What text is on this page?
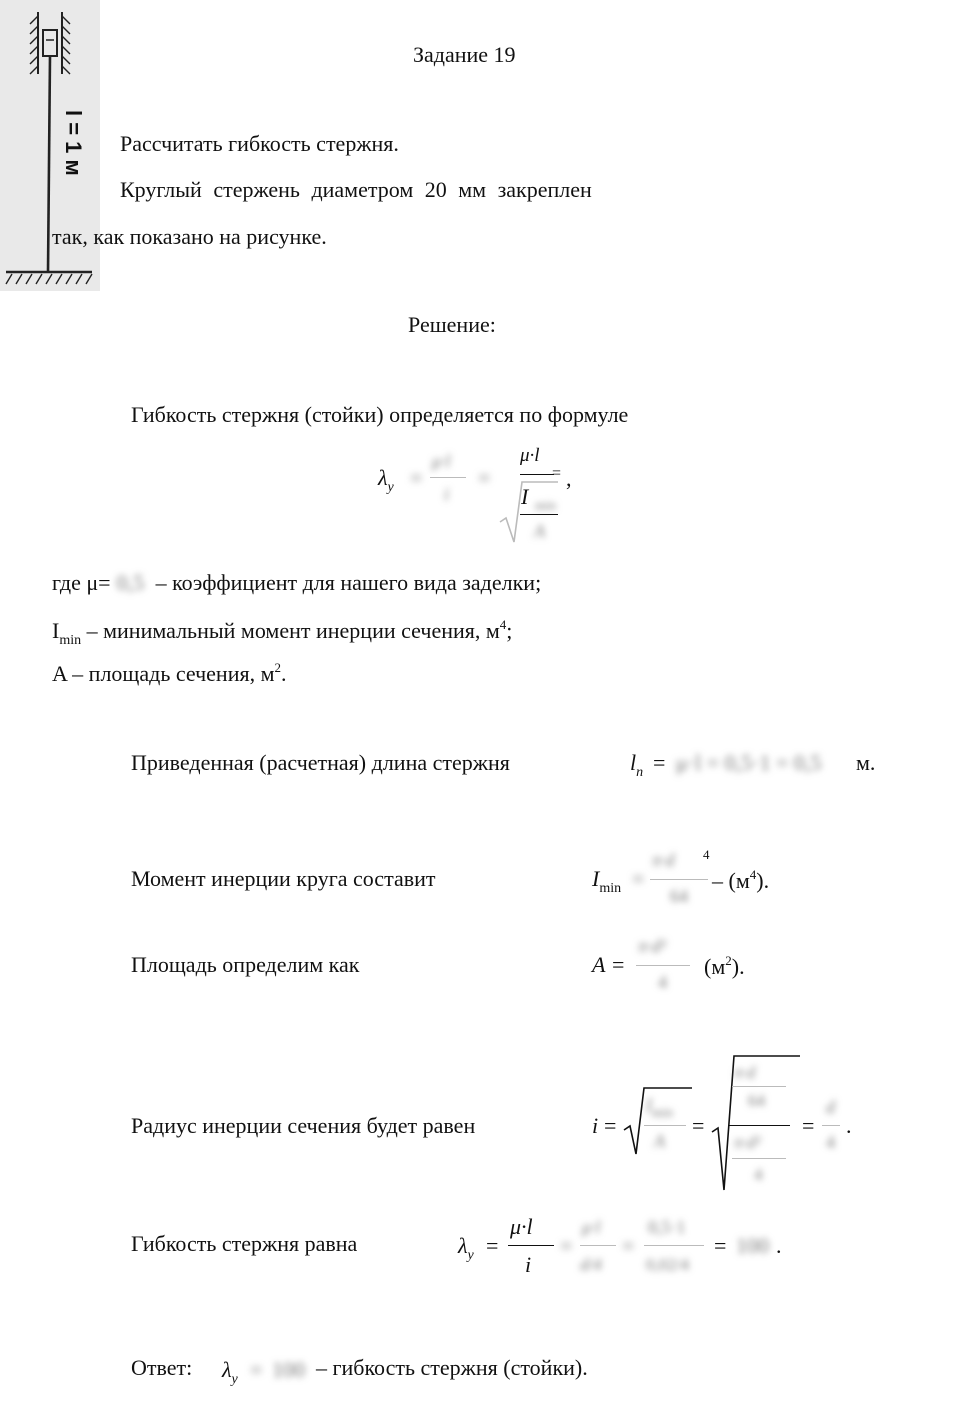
Задание 19
Рассчитать гибкость стержня.
Круглый стержень диаметром 20 мм закреплен
так, как показано на рисунке.
l = 1 м
Решение:
Гибкость стержня (стойки) определяется по формуле
$\lambda_y$ =
μ·l
i
=
μ·l
= ,
I min
A
где μ= 0,5 – коэффициент для нашего вида заделки;
$I_{min}$ – минимальный момент инерции сечения, $м^4$;
A – площадь сечения, $м^2$.
Приведенная (расчетная) длина стержня	$l_n = \mu\cdot l = 0,5\cdot 1 = 0,5$ м.
Момент инерции круга составит	$I_{min}$ =
π·d
64
4
– $(м^4)$.
Площадь определим как	A =
π·d²
4
$(м^2)$.
Радиус инерции сечения будет равен	i =
$I_{min}$
A
=
π·d
64
π·d²
4
=
d
4
.
Гибкость стержня равна	$\lambda_y$ =
μ·l
i
=
μ·l
d/4
=
0,5·1
0,02/4
= 100 .
Ответ: $\lambda_y = 100$ – гибкость стержня (стойки).
